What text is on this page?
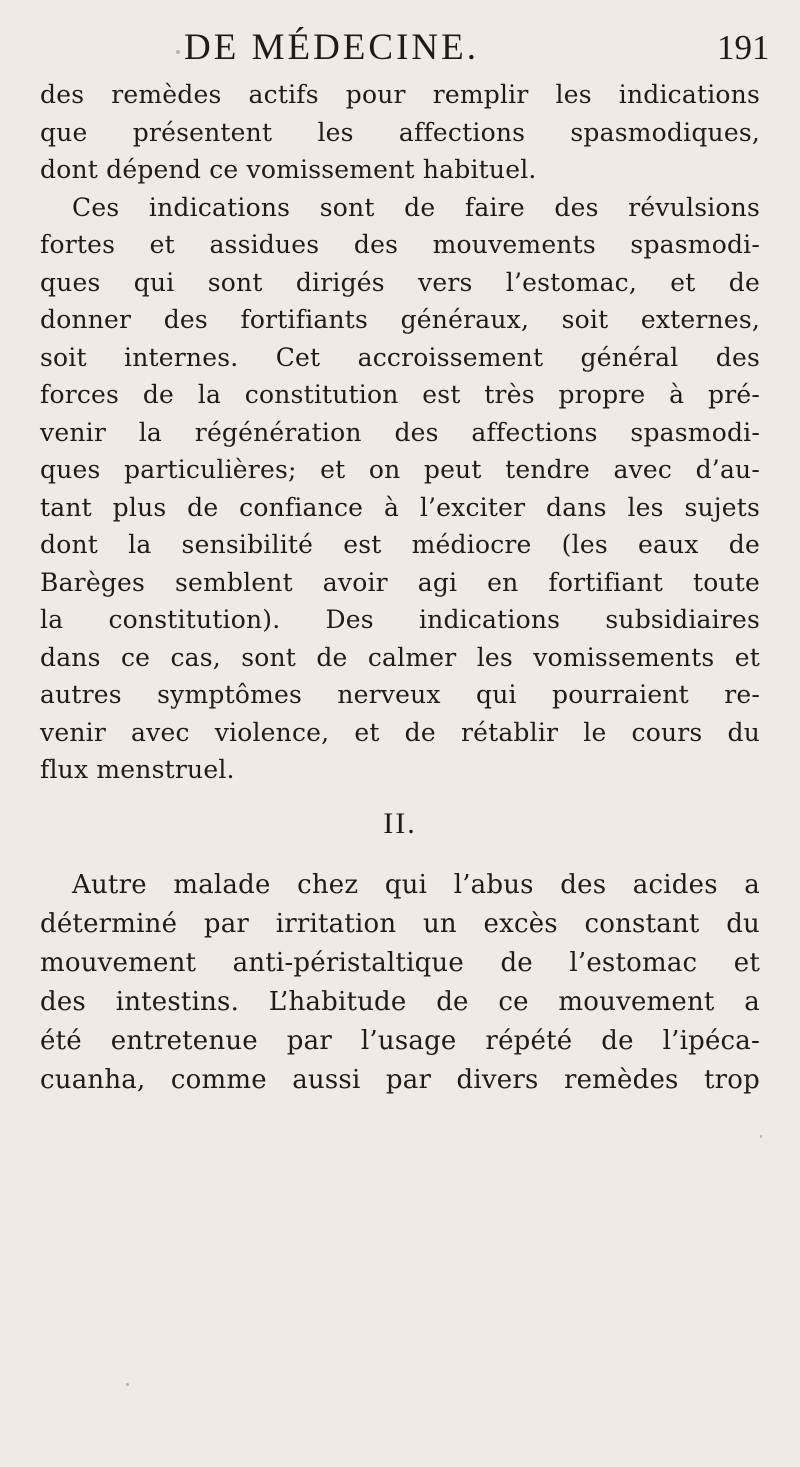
DE MÉDECINE.	191
des remèdes actifs pour remplir les indications
que présentent les affections spasmodiques,
dont dépend ce vomissement habituel.
Ces indications sont de faire des révulsions
fortes et assidues des mouvements spasmodi-
ques qui sont dirigés vers l’estomac, et de
donner des fortifiants généraux, soit externes,
soit internes. Cet accroissement général des
forces de la constitution est très propre à pré-
venir la régénération des affections spasmodi-
ques particulières; et on peut tendre avec d’au-
tant plus de confiance à l’exciter dans les sujets
dont la sensibilité est médiocre (les eaux de
Barèges semblent avoir agi en fortifiant toute
la constitution). Des indications subsidiaires
dans ce cas, sont de calmer les vomissements et
autres symptômes nerveux qui pourraient re-
venir avec violence, et de rétablir le cours du
flux menstruel.
II.
Autre malade chez qui l’abus des acides a
déterminé par irritation un excès constant du
mouvement anti-péristaltique de l’estomac et
des intestins. L’habitude de ce mouvement a
été entretenue par l’usage répété de l’ipéca-
cuanha, comme aussi par divers remèdes trop
